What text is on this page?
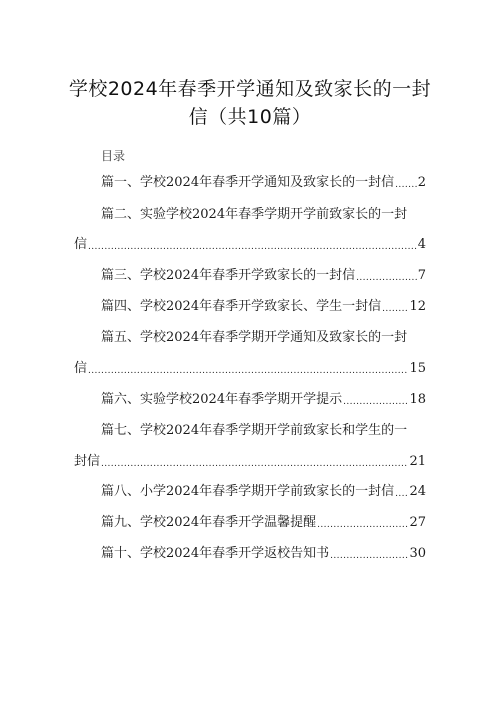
学校2024年春季开学通知及致家长的一封
信（共10篇）
目录
篇一、学校2024年春季开学通知及致家长的一封信 ..... 2
篇二、实验学校2024年春季学期开学前致家长的一封
信 .....	4
篇三、学校2024年春季开学致家长的一封信 .....	7
篇四、学校2024年春季开学致家长、学生一封信 ..... 12
篇五、学校2024年春季学期开学通知及致家长的一封
信 .....	15
篇六、实验学校2024年春季学期开学提示 .....	18
篇七、学校2024年春季学期开学前致家长和学生的一
封信 .....	21
篇八、小学2024年春季学期开学前致家长的一封信 ..... 24
篇九、学校2024年春季开学温馨提醒 .....	27
篇十、学校2024年春季开学返校告知书 .....	30
